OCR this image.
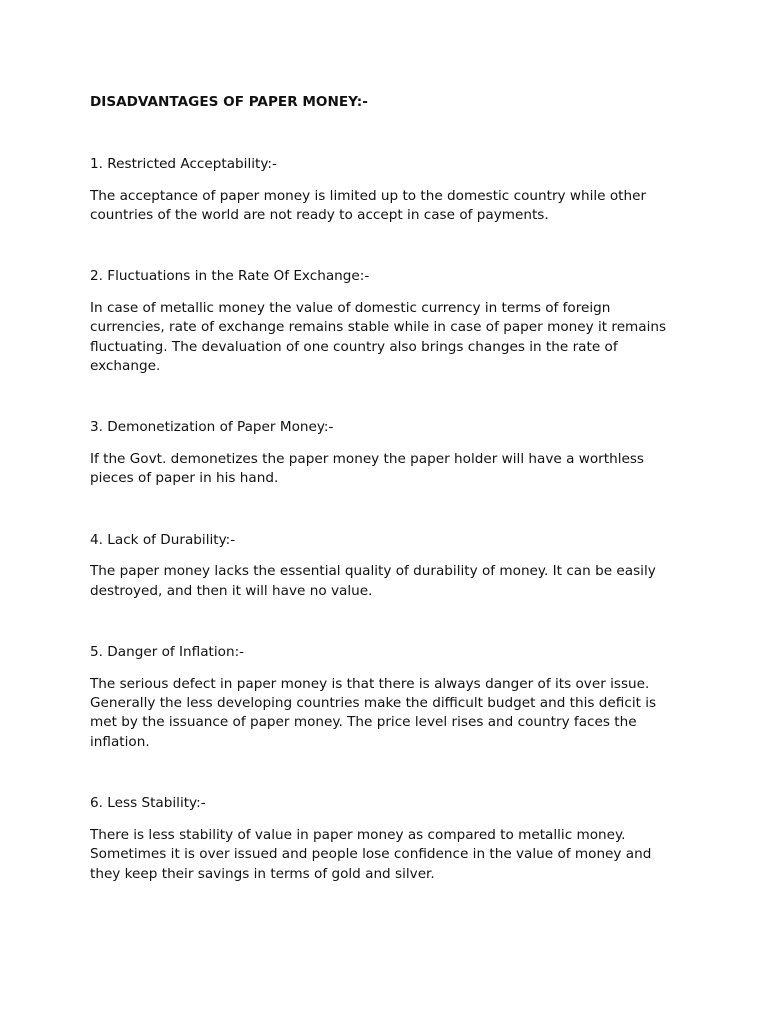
DISADVANTAGES OF PAPER MONEY:-
1. Restricted Acceptability:-

The acceptance of paper money is limited up to the domestic country while other
countries of the world are not ready to accept in case of payments.

2. Fluctuations in the Rate Of Exchange:-

In case of metallic money the value of domestic currency in terms of foreign
currencies, rate of exchange remains stable while in case of paper money it remains
fluctuating. The devaluation of one country also brings changes in the rate of
exchange.

3. Demonetization of Paper Money:-

If the Govt. demonetizes the paper money the paper holder will have a worthless
pieces of paper in his hand.

4. Lack of Durability:-

The paper money lacks the essential quality of durability of money. It can be easily
destroyed, and then it will have no value.

5. Danger of Inflation:-

The serious defect in paper money is that there is always danger of its over issue.
Generally the less developing countries make the difficult budget and this deficit is
met by the issuance of paper money. The price level rises and country faces the
inflation.

6. Less Stability:-

There is less stability of value in paper money as compared to metallic money.
Sometimes it is over issued and people lose confidence in the value of money and
they keep their savings in terms of gold and silver.
